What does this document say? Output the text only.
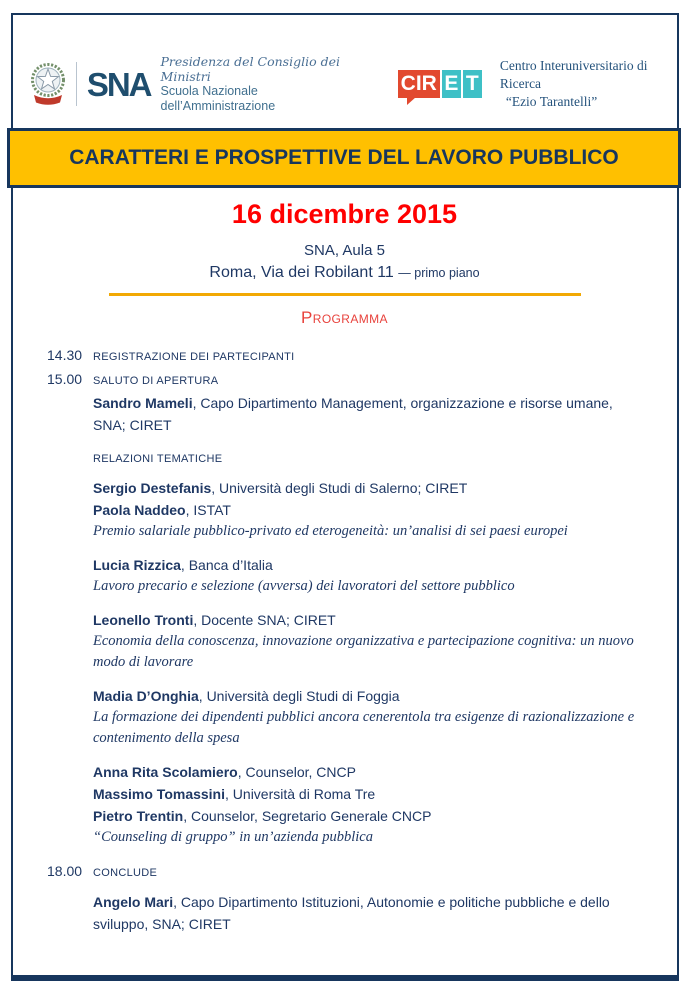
SNA
Presidenza del Consiglio dei Ministri
Scuola Nazionale dell’Amministrazione
CIR E T
Centro Interuniversitario di Ricerca
“Ezio Tarantelli”
CARATTERI E PROSPETTIVE DEL LAVORO PUBBLICO
16 dicembre 2015
SNA, Aula 5
Roma, Via dei Robilant 11 — primo piano
Programma
14.30 REGISTRAZIONE DEI PARTECIPANTI
15.00 SALUTO DI APERTURA
Sandro Mameli, Capo Dipartimento Management, organizzazione e risorse umane, SNA; CIRET
RELAZIONI TEMATICHE
Sergio Destefanis, Università degli Studi di Salerno; CIRET
Paola Naddeo, ISTAT
Premio salariale pubblico-privato ed eterogeneità: un’analisi di sei paesi europei
Lucia Rizzica, Banca d’Italia
Lavoro precario e selezione (avversa) dei lavoratori del settore pubblico
Leonello Tronti, Docente SNA; CIRET
Economia della conoscenza, innovazione organizzativa e partecipazione cognitiva: un nuovo modo di lavorare
Madia D’Onghia, Università degli Studi di Foggia
La formazione dei dipendenti pubblici ancora cenerentola tra esigenze di razionalizzazione e contenimento della spesa
Anna Rita Scolamiero, Counselor, CNCP
Massimo Tomassini, Università di Roma Tre
Pietro Trentin, Counselor, Segretario Generale CNCP
“Counseling di gruppo” in un’azienda pubblica
18.00 CONCLUDE
Angelo Mari, Capo Dipartimento Istituzioni, Autonomie e politiche pubbliche e dello sviluppo, SNA; CIRET
